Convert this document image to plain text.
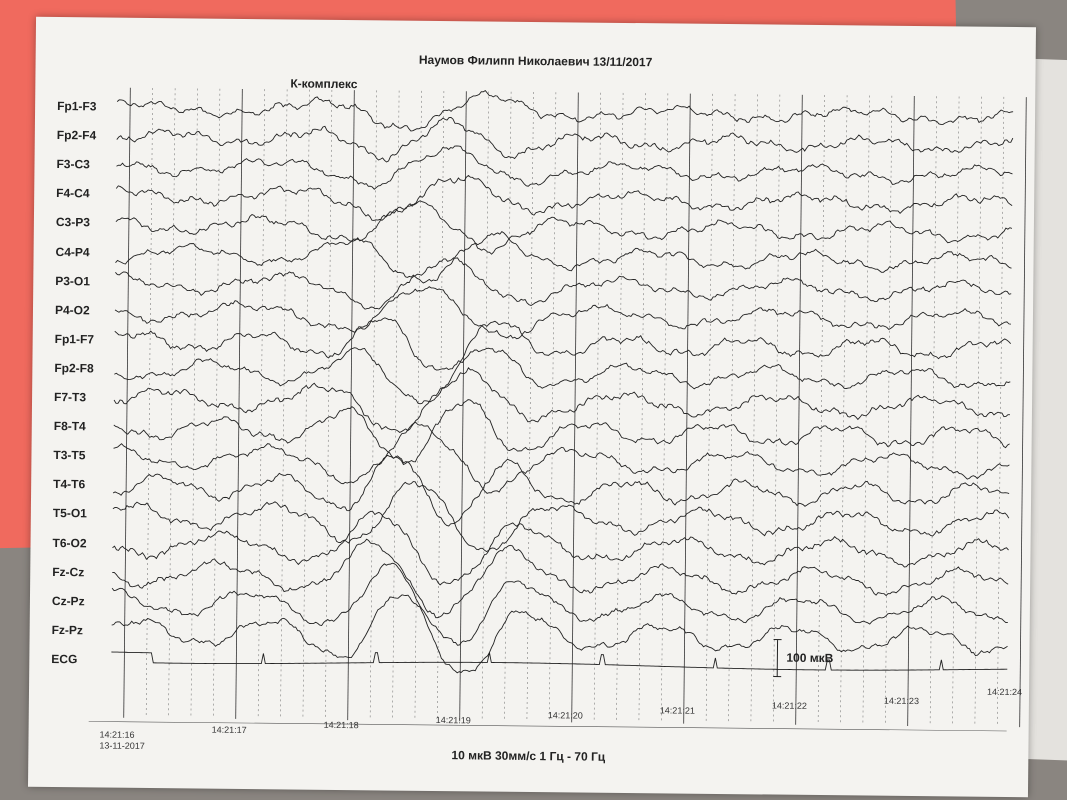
Наумов Филипп Николаевич 13/11/2017
К-комплекс
Fp1-F3
Fp2-F4
F3-C3
F4-C4
C3-P3
C4-P4
P3-O1
P4-O2
Fp1-F7
Fp2-F8
F7-T3
F8-T4
T3-T5
T4-T6
T5-O1
T6-O2
Fz-Cz
Cz-Pz
Fz-Pz
ECG
14:21:16
13-11-2017
14:21:17	14:21:18	14:21:19	14:21:20	14:21:21	14:21:22	14:21:23
14:21:24
100 мкВ
10 мкВ 30мм/с 1 Гц - 70 Гц
